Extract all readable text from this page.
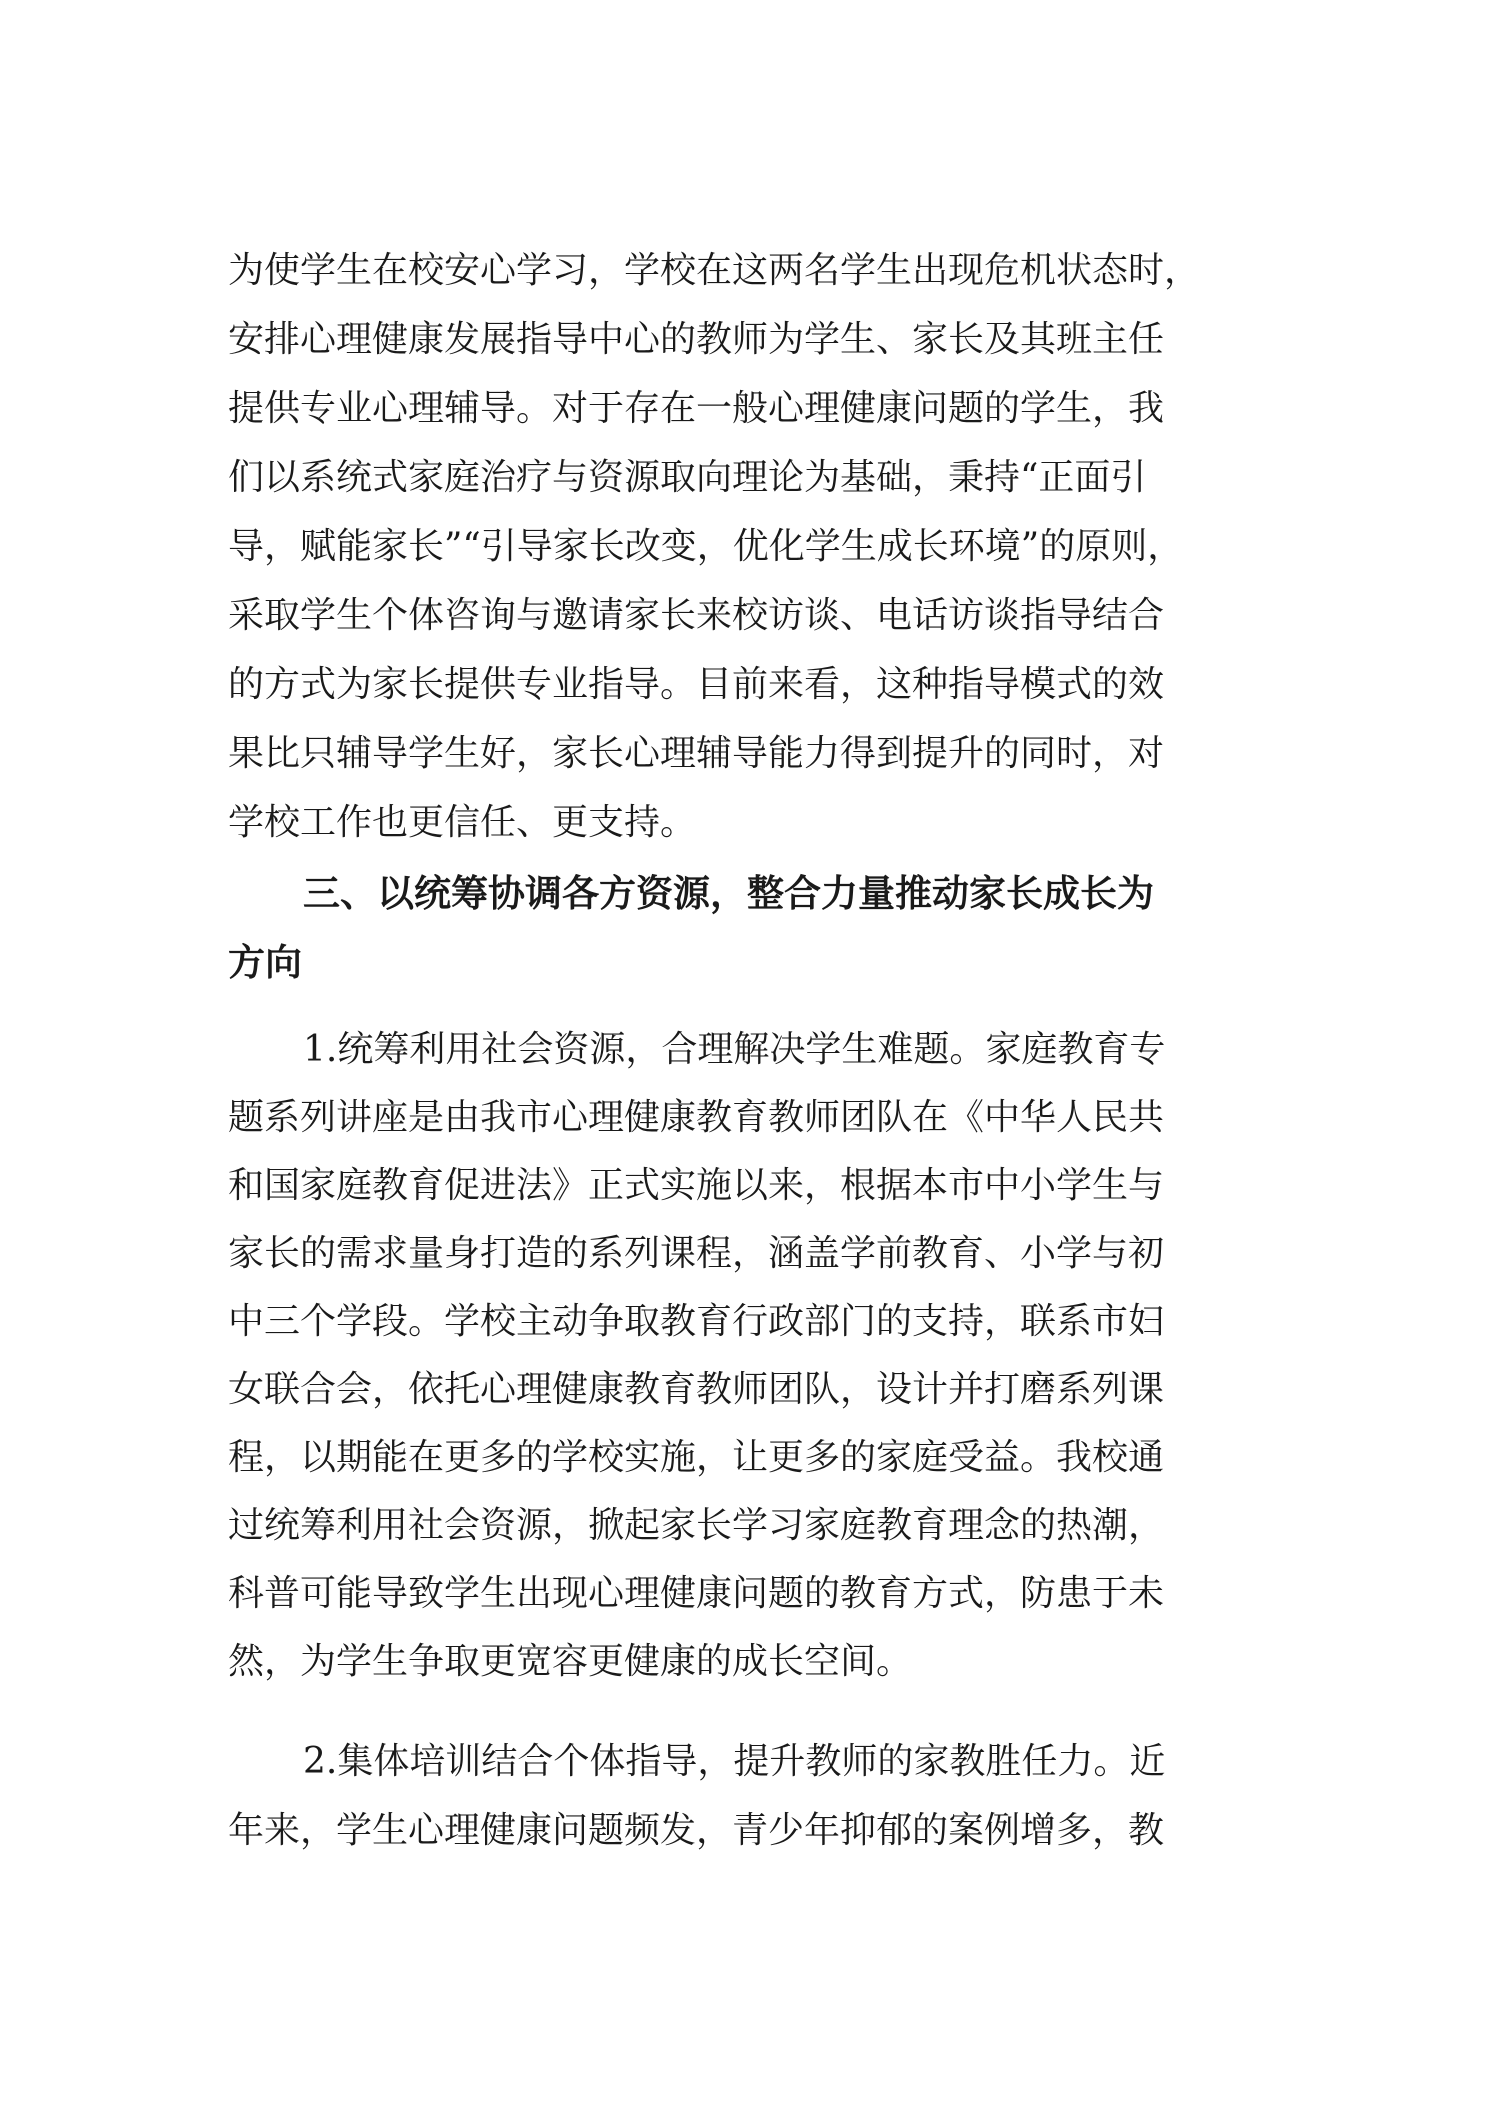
为使学生在校安心学习，学校在这两名学生出现危机状态时，
安排心理健康发展指导中心的教师为学生、家长及其班主任
提供专业心理辅导。对于存在一般心理健康问题的学生，我
们以系统式家庭治疗与资源取向理论为基础，秉持“正面引
导，赋能家长”“引导家长改变，优化学生成长环境”的原则，
采取学生个体咨询与邀请家长来校访谈、电话访谈指导结合
的方式为家长提供专业指导。目前来看，这种指导模式的效
果比只辅导学生好，家长心理辅导能力得到提升的同时，对
学校工作也更信任、更支持。
三、以统筹协调各方资源，整合力量推动家长成长为
方向
1.统筹利用社会资源，合理解决学生难题。家庭教育专
题系列讲座是由我市心理健康教育教师团队在《中华人民共
和国家庭教育促进法》正式实施以来，根据本市中小学生与
家长的需求量身打造的系列课程，涵盖学前教育、小学与初
中三个学段。学校主动争取教育行政部门的支持，联系市妇
女联合会，依托心理健康教育教师团队，设计并打磨系列课
程，以期能在更多的学校实施，让更多的家庭受益。我校通
过统筹利用社会资源，掀起家长学习家庭教育理念的热潮，
科普可能导致学生出现心理健康问题的教育方式，防患于未
然，为学生争取更宽容更健康的成长空间。
2.集体培训结合个体指导，提升教师的家教胜任力。近
年来，学生心理健康问题频发，青少年抑郁的案例增多，教
